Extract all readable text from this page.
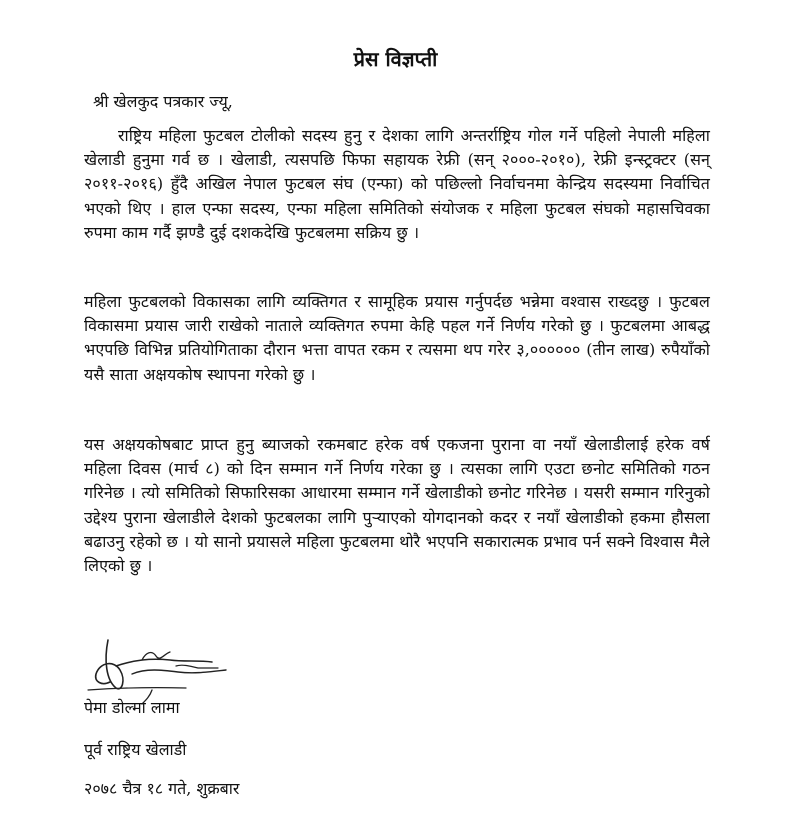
प्रेस विज्ञप्ती

श्री खेलकुद पत्रकार ज्यू,

राष्ट्रिय महिला फुटबल टोलीको सदस्य हुनु र देशका लागि अन्तर्राष्ट्रिय गोल गर्ने पहिलो नेपाली महिला खेलाडी हुनुमा गर्व छ । खेलाडी, त्यसपछि फिफा सहायक रेफ्री (सन् २०००-२०१०), रेफ्री इन्स्ट्रक्टर (सन् २०११-२०१६) हुँदै अखिल नेपाल फुटबल संघ (एन्फा) को पछिल्लो निर्वाचनमा केन्द्रिय सदस्यमा निर्वाचित भएको थिए । हाल एन्फा सदस्य, एन्फा महिला समितिको संयोजक र महिला फुटबल संघको महासचिवका रुपमा काम गर्दै झण्डै दुई दशकदेखि फुटबलमा सक्रिय छु ।

महिला फुटबलको विकासका लागि व्यक्तिगत र सामूहिक प्रयास गर्नुपर्दछ भन्नेमा वश्वास राख्दछु । फुटबल विकासमा प्रयास जारी राखेको नाताले व्यक्तिगत रुपमा केहि पहल गर्ने निर्णय गरेको छु । फुटबलमा आबद्ध भएपछि विभिन्न प्रतियोगिताका दौरान भत्ता वापत रकम र त्यसमा थप गरेर ३,०००००० (तीन लाख) रुपैयाँको यसै साता अक्षयकोष स्थापना गरेको छु ।

यस अक्षयकोषबाट प्राप्त हुनु ब्याजको रकमबाट हरेक वर्ष एकजना पुराना वा नयाँ खेलाडीलाई हरेक वर्ष महिला दिवस (मार्च ८) को दिन सम्मान गर्ने निर्णय गरेका छु । त्यसका लागि एउटा छनोट समितिको गठन गरिनेछ । त्यो समितिको सिफारिसका आधारमा सम्मान गर्ने खेलाडीको छनोट गरिनेछ । यसरी सम्मान गरिनुको उद्देश्य पुराना खेलाडीले देशको फुटबलका लागि पुर्‍याएको योगदानको कदर र नयाँ खेलाडीको हकमा हौसला बढाउनु रहेको छ । यो सानो प्रयासले महिला फुटबलमा थोरै भएपनि सकारात्मक प्रभाव पर्न सक्ने विश्वास मैले लिएको छु ।

पेमा डोल्मा लामा

पूर्व राष्ट्रिय खेलाडी

२०७८ चैत्र १८ गते, शुक्रबार
